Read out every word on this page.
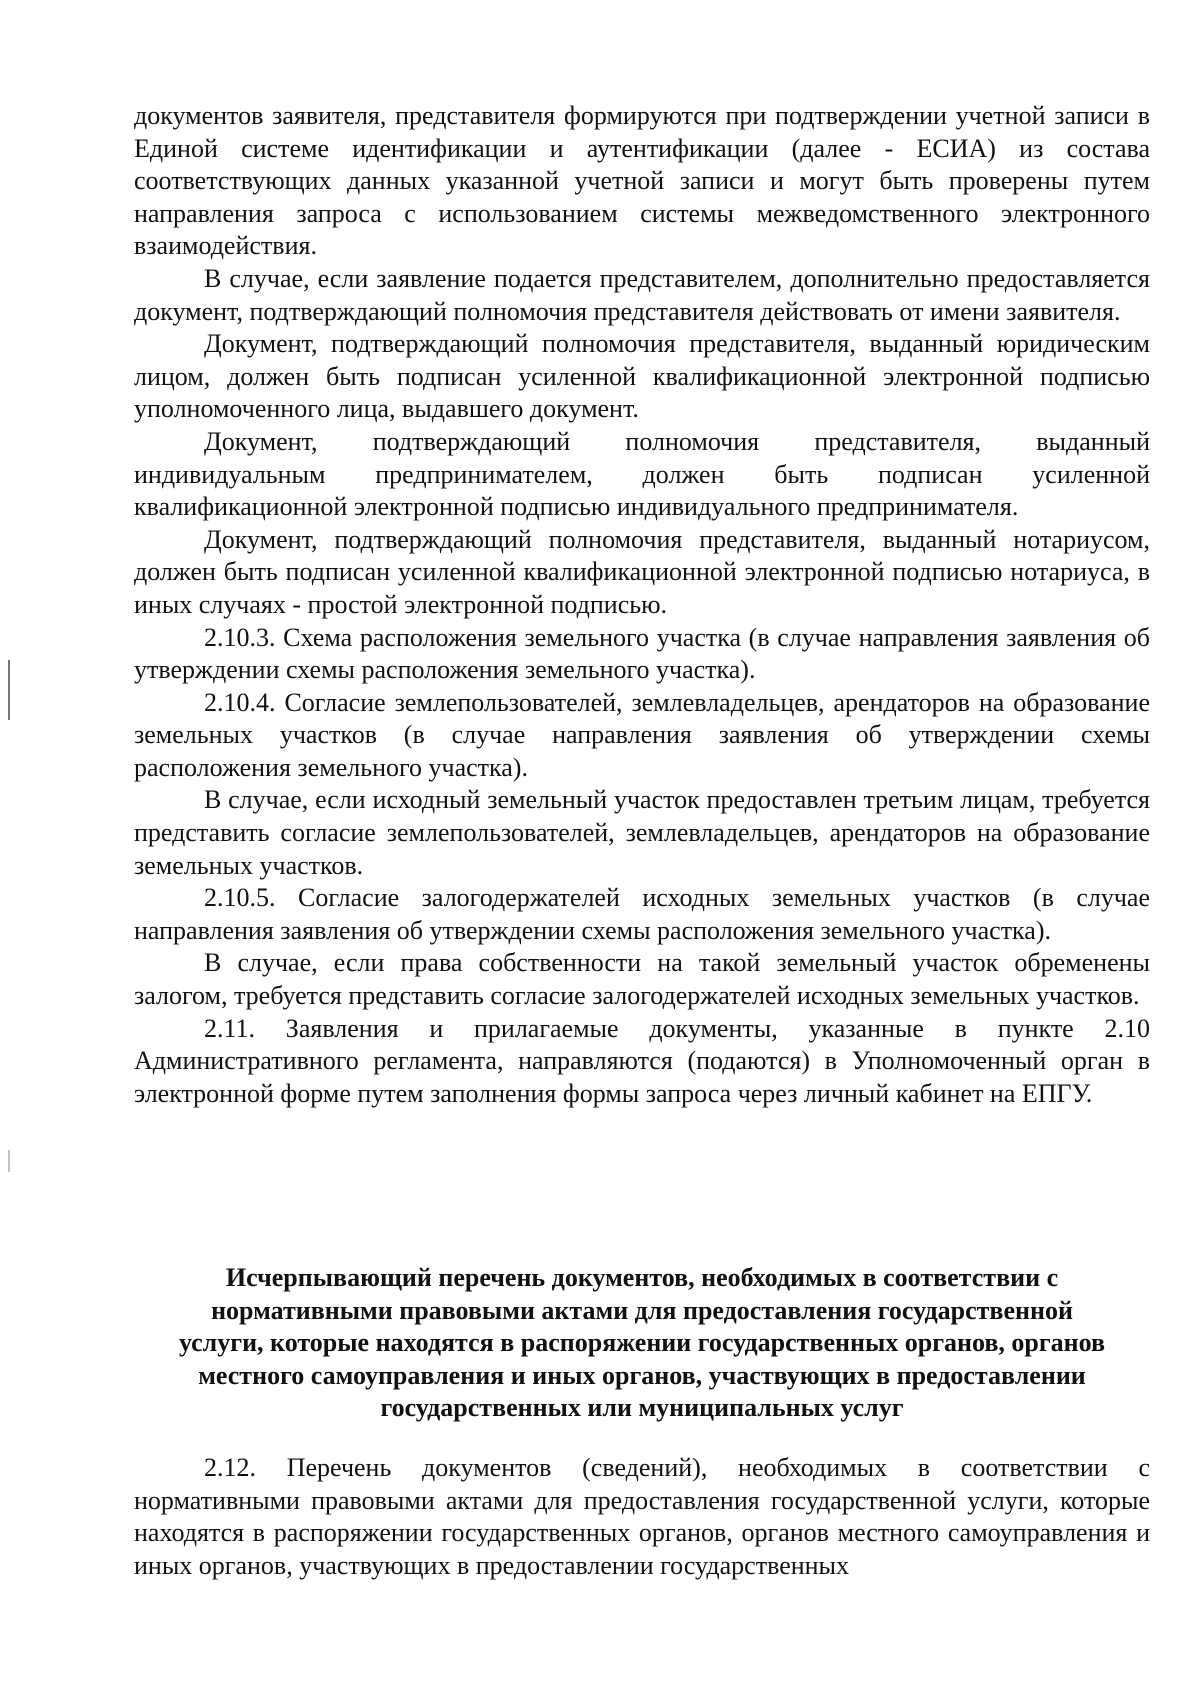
документов заявителя, представителя формируются при подтверждении учетной записи в Единой системе идентификации и аутентификации (далее - ЕСИА) из состава соответствующих данных указанной учетной записи и могут быть проверены путем направления запроса с использованием системы межведомственного электронного взаимодействия.

В случае, если заявление подается представителем, дополнительно предоставляется документ, подтверждающий полномочия представителя действовать от имени заявителя.

Документ, подтверждающий полномочия представителя, выданный юридическим лицом, должен быть подписан усиленной квалификационной электронной подписью уполномоченного лица, выдавшего документ.

Документ, подтверждающий полномочия представителя, выданный индивидуальным предпринимателем, должен быть подписан усиленной квалификационной электронной подписью индивидуального предпринимателя.

Документ, подтверждающий полномочия представителя, выданный нотариусом, должен быть подписан усиленной квалификационной электронной подписью нотариуса, в иных случаях - простой электронной подписью.

2.10.3. Схема расположения земельного участка (в случае направления заявления об утверждении схемы расположения земельного участка).

2.10.4. Согласие землепользователей, землевладельцев, арендаторов на образование земельных участков (в случае направления заявления об утверждении схемы расположения земельного участка).

В случае, если исходный земельный участок предоставлен третьим лицам, требуется представить согласие землепользователей, землевладельцев, арендаторов на образование земельных участков.

2.10.5. Согласие залогодержателей исходных земельных участков (в случае направления заявления об утверждении схемы расположения земельного участка).

В случае, если права собственности на такой земельный участок обременены залогом, требуется представить согласие залогодержателей исходных земельных участков.

2.11. Заявления и прилагаемые документы, указанные в пункте 2.10 Административного регламента, направляются (подаются) в Уполномоченный орган в электронной форме путем заполнения формы запроса через личный кабинет на ЕПГУ.

Исчерпывающий перечень документов, необходимых в соответствии с
нормативными правовыми актами для предоставления государственной
услуги, которые находятся в распоряжении государственных органов, органов
местного самоуправления и иных органов, участвующих в предоставлении
государственных или муниципальных услуг

2.12. Перечень документов (сведений), необходимых в соответствии с нормативными правовыми актами для предоставления государственной услуги, которые находятся в распоряжении государственных органов, органов местного самоуправления и иных органов, участвующих в предоставлении государственных
